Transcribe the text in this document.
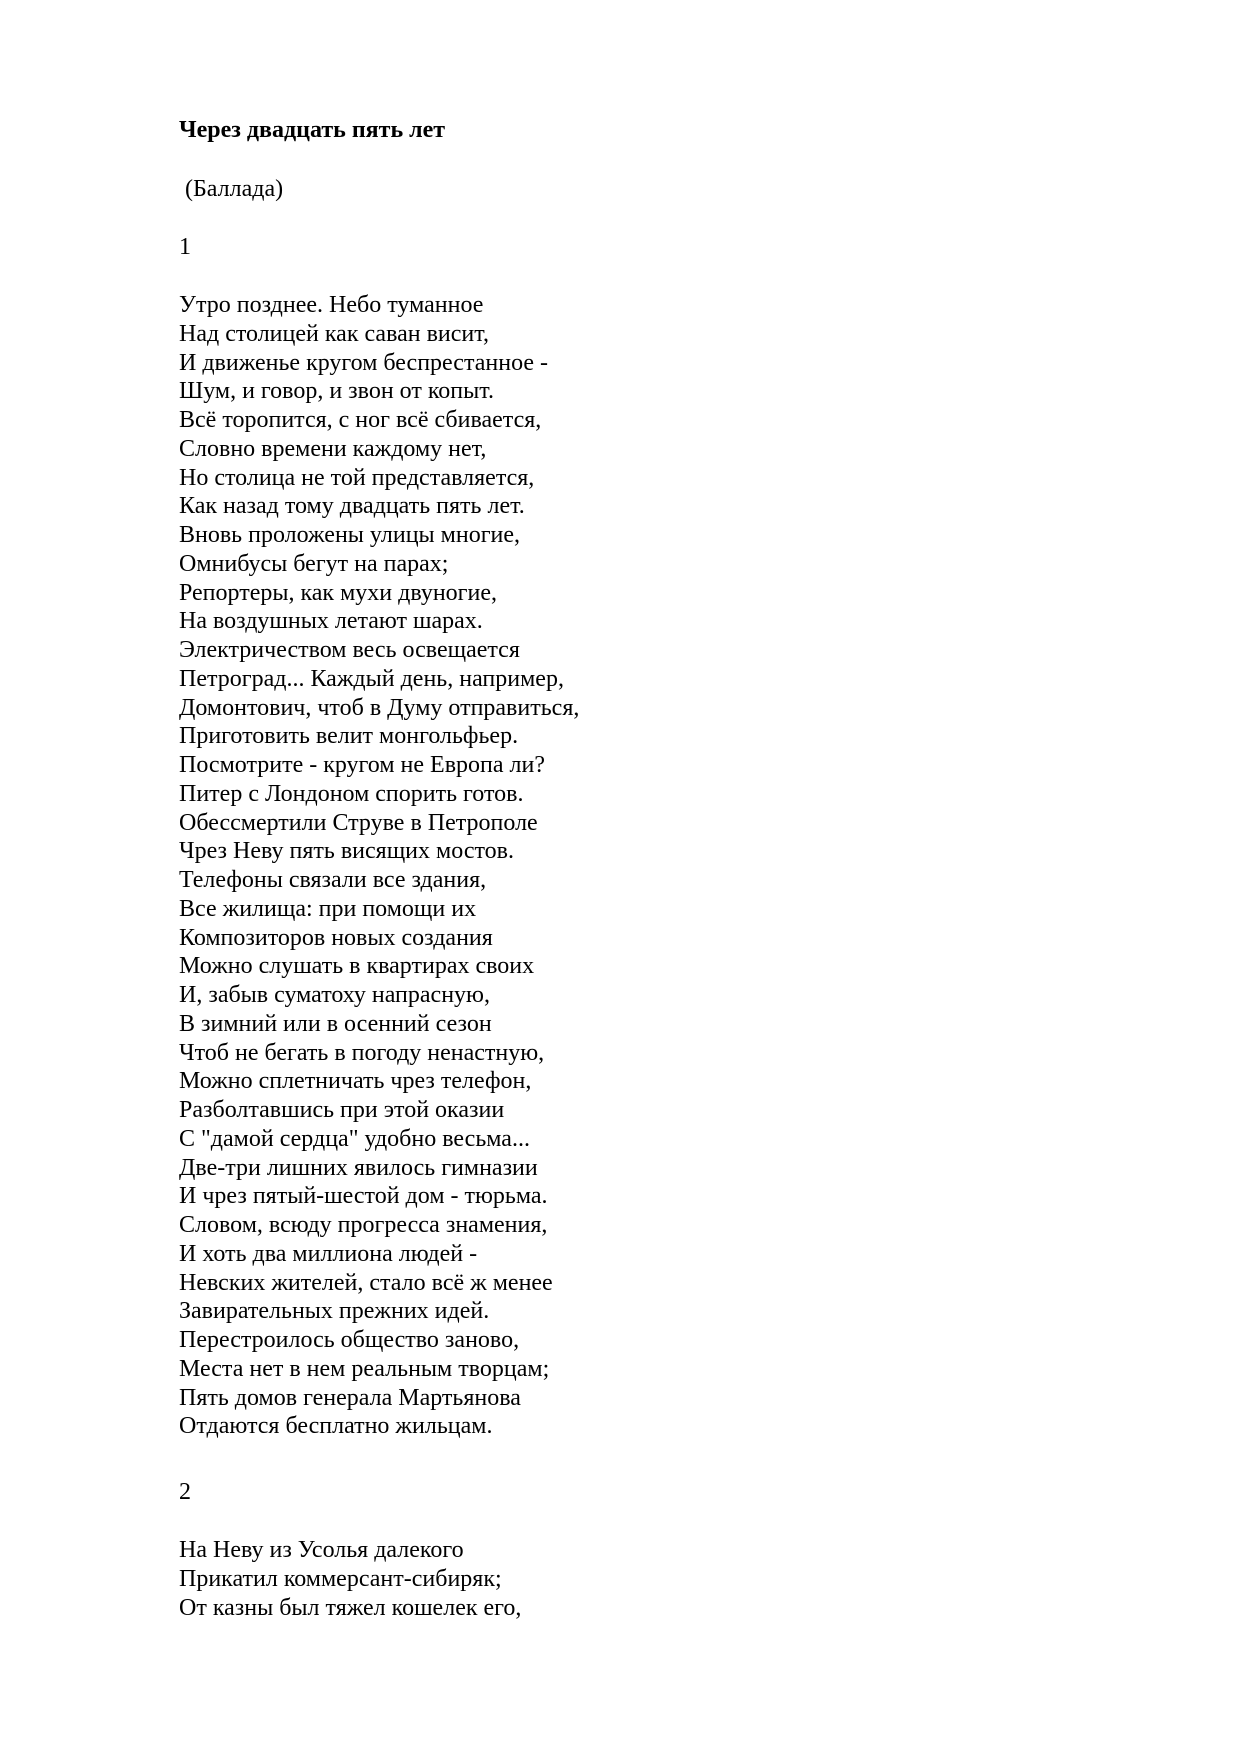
Через двадцать пять лет
(Баллада)
1
Утро позднее. Небо туманное
Над столицей как саван висит,
И движенье кругом беспрестанное -
Шум, и говор, и звон от копыт.
Всё торопится, с ног всё сбивается,
Словно времени каждому нет,
Но столица не той представляется,
Как назад тому двадцать пять лет.
Вновь проложены улицы многие,
Омнибусы бегут на парах;
Репортеры, как мухи двуногие,
На воздушных летают шарах.
Электричеством весь освещается
Петроград... Каждый день, например,
Домонтович, чтоб в Думу отправиться,
Приготовить велит монгольфьер.
Посмотрите - кругом не Европа ли?
Питер с Лондоном спорить готов.
Обессмертили Струве в Петрополе
Чрез Неву пять висящих мостов.
Телефоны связали все здания,
Все жилища: при помощи их
Композиторов новых создания
Можно слушать в квартирах своих
И, забыв суматоху напрасную,
В зимний или в осенний сезон
Чтоб не бегать в погоду ненастную,
Можно сплетничать чрез телефон,
Разболтавшись при этой оказии
С "дамой сердца" удобно весьма...
Две-три лишних явилось гимназии
И чрез пятый-шестой дом - тюрьма.
Словом, всюду прогресса знамения,
И хоть два миллиона людей -
Невских жителей, стало всё ж менее
Завирательных прежних идей.
Перестроилось общество заново,
Места нет в нем реальным творцам;
Пять домов генерала Мартьянова
Отдаются бесплатно жильцам.
2
На Неву из Усолья далекого
Прикатил коммерсант-сибиряк;
От казны был тяжел кошелек его,
